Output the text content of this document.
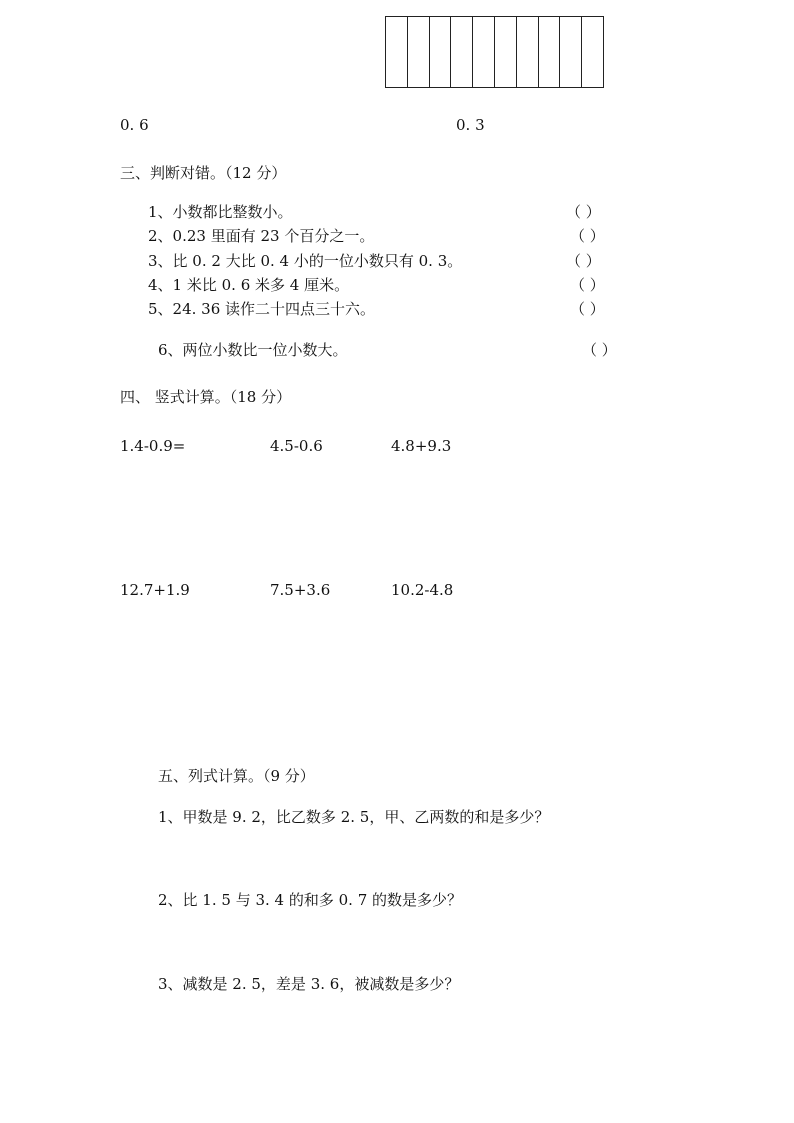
0. 6	0. 3
三、判断对错。（12 分）
1、小数都比整数小。	（ ）
2、0.23 里面有 23 个百分之一。	（ ）
3、比 0. 2 大比 0. 4 小的一位小数只有 0. 3。	（ ）
4、1 米比 0. 6 米多 4 厘米。	（ ）
5、24. 36 读作二十四点三十六。	（ ）
6、两位小数比一位小数大。	（ ）
四、 竖式计算。（18 分）
1.4-0.9=	4.5-0.6	4.8+9.3
12.7+1.9	7.5+3.6	10.2-4.8
五、列式计算。（9 分）
1、甲数是 9. 2，比乙数多 2. 5，甲、乙两数的和是多少？
2、比 1. 5 与 3. 4 的和多 0. 7 的数是多少？
3、减数是 2. 5，差是 3. 6，被减数是多少？
